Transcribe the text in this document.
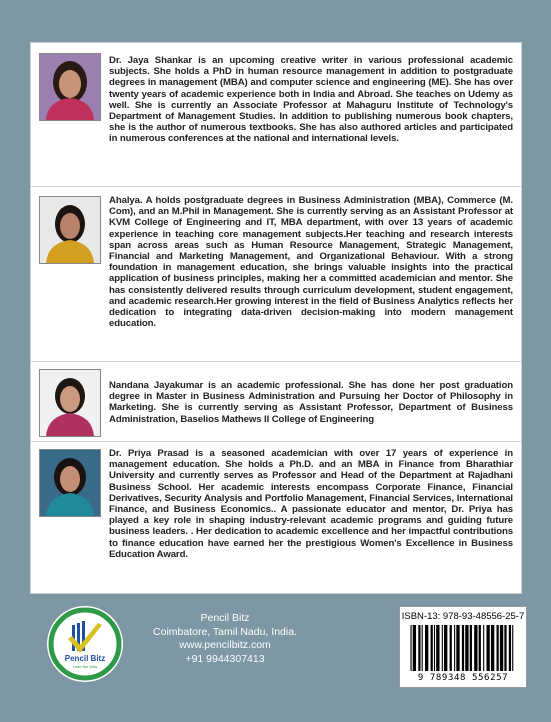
Dr. Jaya Shankar is an upcoming creative writer in various professional academic subjects. She holds a PhD in human resource management in addition to postgraduate degrees in management (MBA) and computer science and engineering (ME). She has over twenty years of academic experience both in India and Abroad. She teaches on Udemy as well. She is currently an Associate Professor at Mahaguru Institute of Technology's Department of Management Studies. In addition to publishing numerous book chapters, she is the author of numerous textbooks. She has also authored articles and participated in numerous conferences at the national and international levels.
Ahalya. A holds postgraduate degrees in Business Administration (MBA), Commerce (M. Com), and an M.Phil in Management. She is currently serving as an Assistant Professor at KVM College of Engineering and IT, MBA department, with over 13 years of academic experience in teaching core management subjects.Her teaching and research interests span across areas such as Human Resource Management, Strategic Management, Financial and Marketing Management, and Organizational Behaviour. With a strong foundation in management education, she brings valuable insights into the practical application of business principles, making her a committed academician and mentor. She has consistently delivered results through curriculum development, student engagement, and academic research.Her growing interest in the field of Business Analytics reflects her dedication to integrating data-driven decision-making into modern management education.
Nandana Jayakumar is an academic professional. She has done her post graduation degree in Master in Business Administration and Pursuing her Doctor of Philosophy in Marketing. She is currently serving as Assistant Professor, Department of Business Administration, Baselios Mathews II College of Engineering
Dr. Priya Prasad is a seasoned academician with over 17 years of experience in management education. She holds a Ph.D. and an MBA in Finance from Bharathiar University and currently serves as Professor and Head of the Department at Rajadhani Business School. Her academic interests encompass Corporate Finance, Financial Derivatives, Security Analysis and Portfolio Management, Financial Services, International Finance, and Business Economics.. A passionate educator and mentor, Dr. Priya has played a key role in shaping industry-relevant academic programs and guiding future business leaders. . Her dedication to academic excellence and her impactful contributions to finance education have earned her the prestigious Women's Excellence in Business Education Award.
Pencil Bitz
Lead the Way
Pencil Bitz
Coimbatore, Tamil Nadu, India.
www.pencilbitz.com
+91 9944307413
ISBN-13: 978-93-48556-25-7
9 789348 556257
